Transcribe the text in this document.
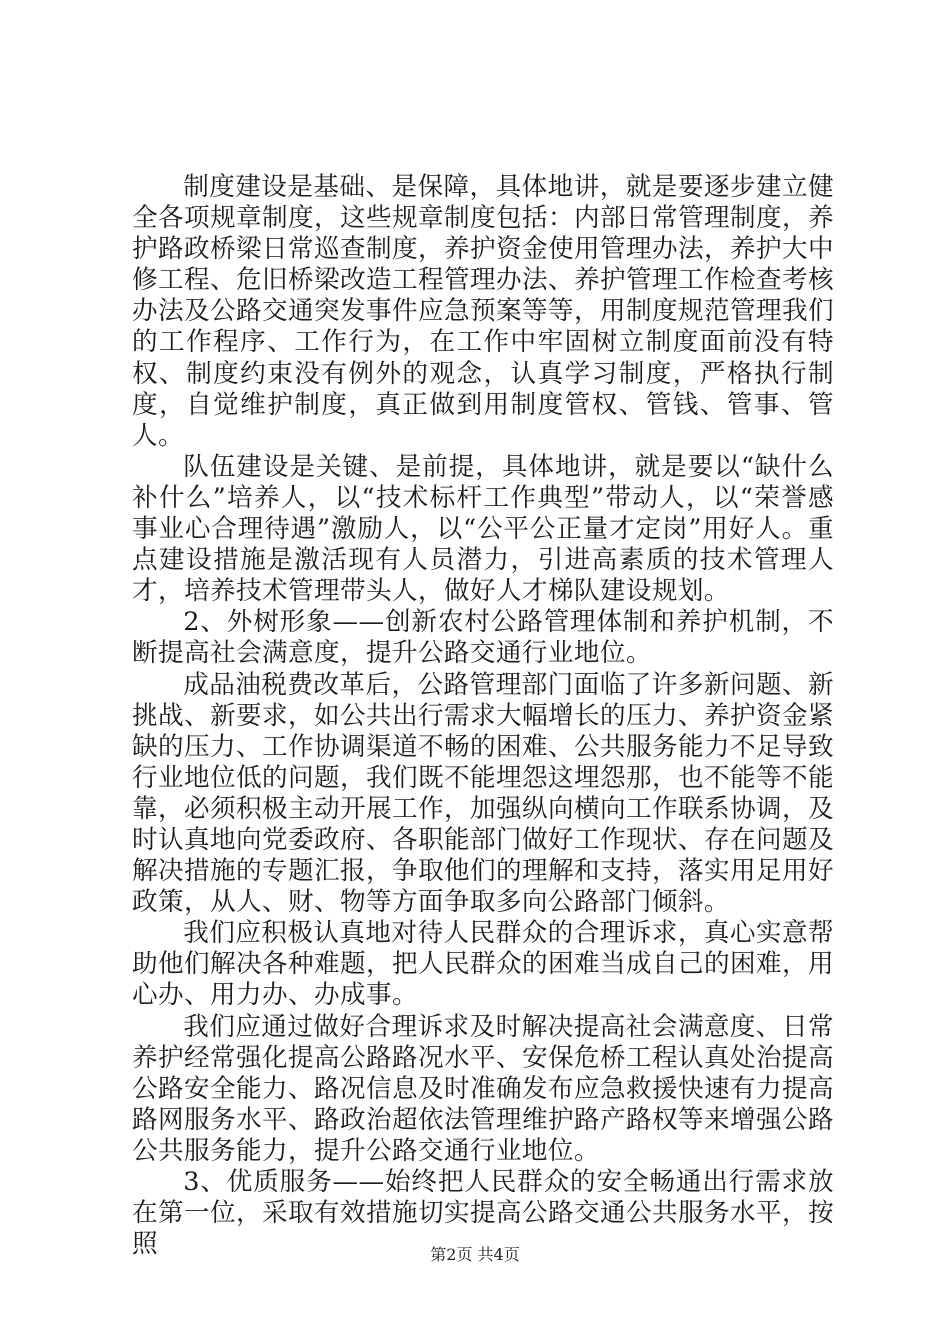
制度建设是基础、是保障，具体地讲，就是要逐步建立健全各项规章制度，这些规章制度包括：内部日常管理制度，养护路政桥梁日常巡查制度，养护资金使用管理办法，养护大中修工程、危旧桥梁改造工程管理办法、养护管理工作检查考核办法及公路交通突发事件应急预案等等，用制度规范管理我们的工作程序、工作行为，在工作中牢固树立制度面前没有特权、制度约束没有例外的观念，认真学习制度，严格执行制度，自觉维护制度，真正做到用制度管权、管钱、管事、管人。

队伍建设是关键、是前提，具体地讲，就是要以“缺什么补什么”培养人，以“技术标杆工作典型”带动人，以“荣誉感事业心合理待遇”激励人，以“公平公正量才定岗”用好人。重点建设措施是激活现有人员潜力，引进高素质的技术管理人才，培养技术管理带头人，做好人才梯队建设规划。

2、外树形象——创新农村公路管理体制和养护机制，不断提高社会满意度，提升公路交通行业地位。

成品油税费改革后，公路管理部门面临了许多新问题、新挑战、新要求，如公共出行需求大幅增长的压力、养护资金紧缺的压力、工作协调渠道不畅的困难、公共服务能力不足导致行业地位低的问题，我们既不能埋怨这埋怨那，也不能等不能靠，必须积极主动开展工作，加强纵向横向工作联系协调，及时认真地向党委政府、各职能部门做好工作现状、存在问题及解决措施的专题汇报，争取他们的理解和支持，落实用足用好政策，从人、财、物等方面争取多向公路部门倾斜。

我们应积极认真地对待人民群众的合理诉求，真心实意帮助他们解决各种难题，把人民群众的困难当成自己的困难，用心办、用力办、办成事。

我们应通过做好合理诉求及时解决提高社会满意度、日常养护经常强化提高公路路况水平、安保危桥工程认真处治提高公路安全能力、路况信息及时准确发布应急救援快速有力提高路网服务水平、路政治超依法管理维护路产路权等来增强公路公共服务能力，提升公路交通行业地位。

3、优质服务——始终把人民群众的安全畅通出行需求放在第一位，采取有效措施切实提高公路交通公共服务水平，按照	第2页 共4页
